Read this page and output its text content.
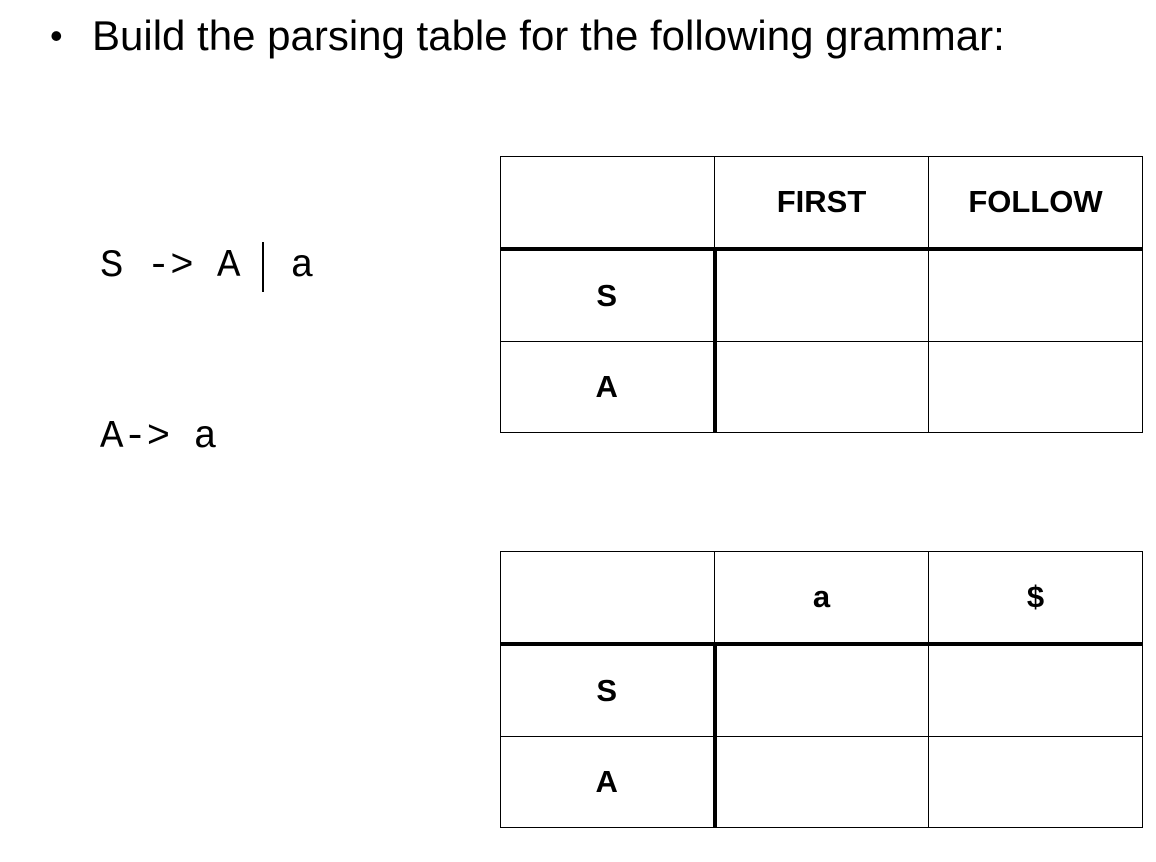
• Build the parsing table for the following grammar:

S
->
A a

A ->
a

	FIRST	FOLLOW
S		
A		
	a	$
S		
A		
